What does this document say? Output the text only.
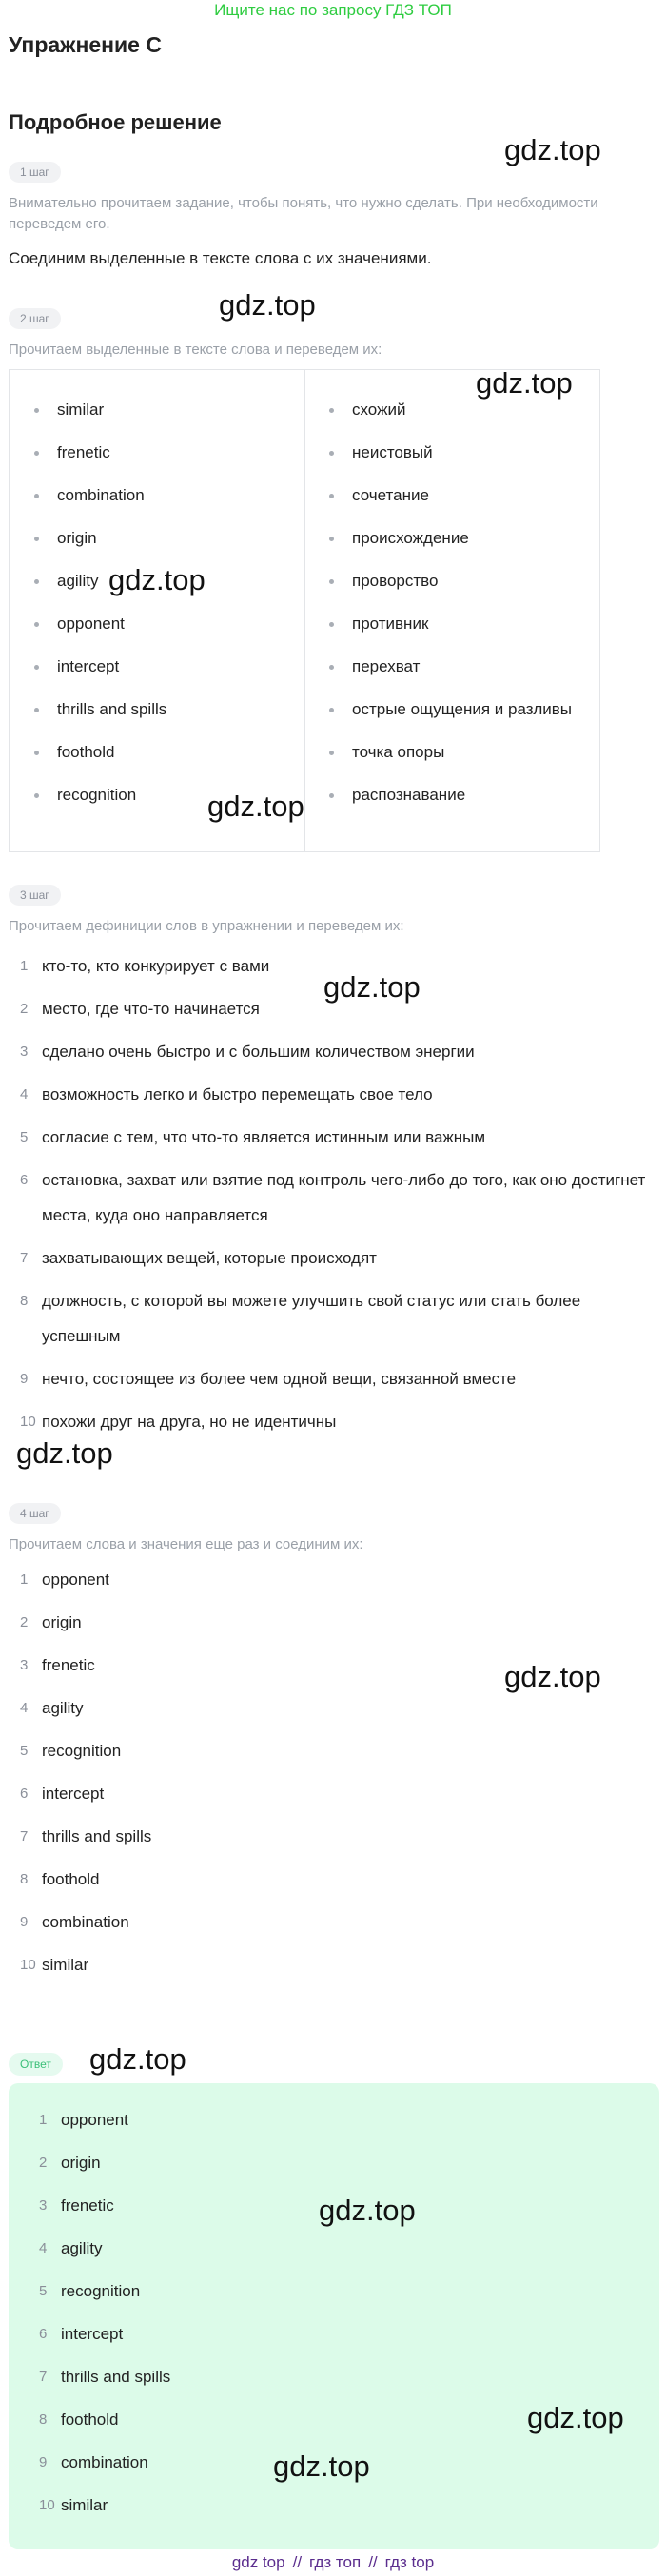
Ищите нас по запросу ГДЗ ТОП
Упражнение C
Подробное решение
1 шаг
Внимательно прочитаем задание, чтобы понять, что нужно сделать. При необходимости переведем его.
Соединим выделенные в тексте слова с их значениями.
2 шаг
Прочитаем выделенные в тексте слова и переведем их:
similar	схожий
frenetic	неистовый
combination	сочетание
origin	происхождение
agility	проворство
opponent	противник
intercept	перехват
thrills and spills	острые ощущения и разливы
foothold	точка опоры
recognition	распознавание
3 шаг
Прочитаем дефиниции слов в упражнении и переведем их:
1 кто-то, кто конкурирует с вами
2 место, где что-то начинается
3 сделано очень быстро и с большим количеством энергии
4 возможность легко и быстро перемещать свое тело
5 согласие с тем, что что-то является истинным или важным
6 остановка, захват или взятие под контроль чего-либо до того, как оно достигнет места, куда оно направляется
7 захватывающих вещей, которые происходят
8 должность, с которой вы можете улучшить свой статус или стать более успешным
9 нечто, состоящее из более чем одной вещи, связанной вместе
10 похожи друг на друга, но не идентичны
4 шаг
Прочитаем слова и значения еще раз и соединим их:
1 opponent
2 origin
3 frenetic
4 agility
5 recognition
6 intercept
7 thrills and spills
8 foothold
9 combination
10 similar
Ответ
1 opponent
2 origin
3 frenetic
4 agility
5 recognition
6 intercept
7 thrills and spills
8 foothold
9 combination
10 similar
gdz.top
gdz.top
gdz.top
gdz.top
gdz.top
gdz.top
gdz.top
gdz.top
gdz.top
gdz.top
gdz.top
gdz.top
gdz top // гдз топ // гдз top
